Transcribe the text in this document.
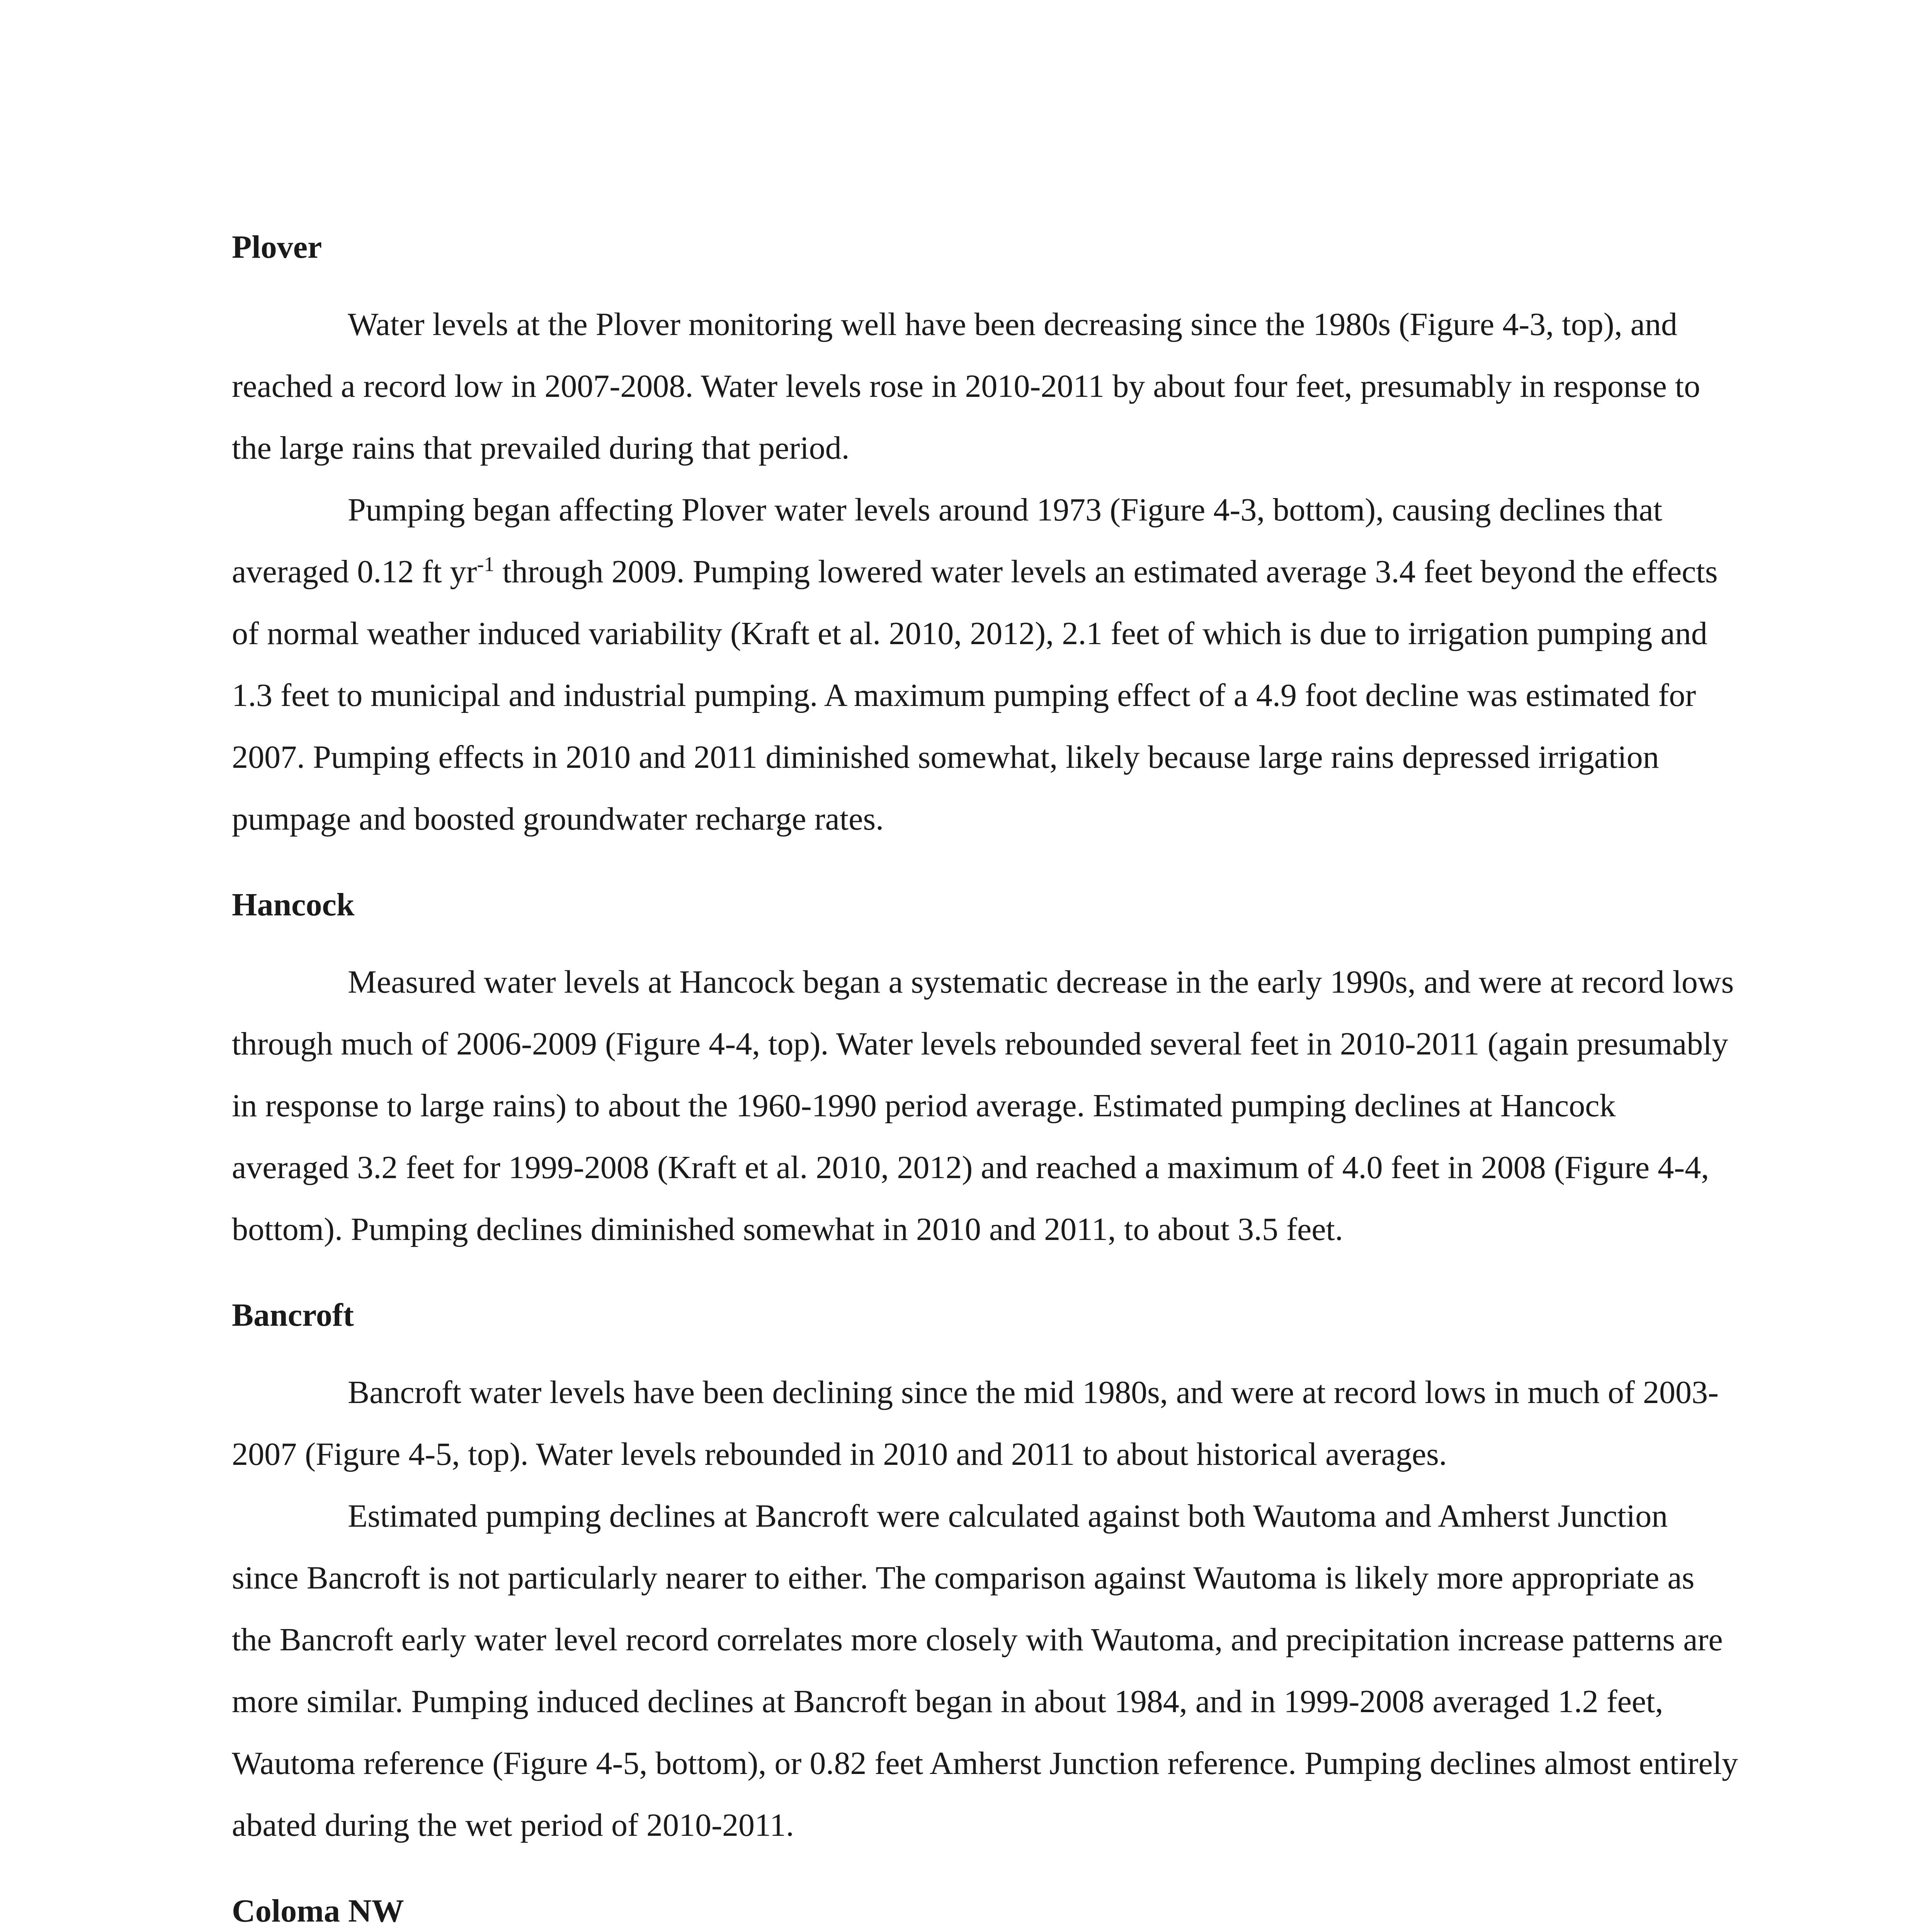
Plover

Water levels at the Plover monitoring well have been decreasing since the 1980s (Figure 4-3, top), and reached a record low in 2007-2008. Water levels rose in 2010-2011 by about four feet, presumably in response to the large rains that prevailed during that period.

Pumping began affecting Plover water levels around 1973 (Figure 4-3, bottom), causing declines that averaged 0.12 ft $yr^{-1}$ through 2009. Pumping lowered water levels an estimated average 3.4 feet beyond the effects of normal weather induced variability (Kraft et al. 2010, 2012), 2.1 feet of which is due to irrigation pumping and 1.3 feet to municipal and industrial pumping. A maximum pumping effect of a 4.9 foot decline was estimated for 2007. Pumping effects in 2010 and 2011 diminished somewhat, likely because large rains depressed irrigation pumpage and boosted groundwater recharge rates.

Hancock

Measured water levels at Hancock began a systematic decrease in the early 1990s, and were at record lows through much of 2006-2009 (Figure 4-4, top). Water levels rebounded several feet in 2010-2011 (again presumably in response to large rains) to about the 1960-1990 period average. Estimated pumping declines at Hancock averaged 3.2 feet for 1999-2008 (Kraft et al. 2010, 2012) and reached a maximum of 4.0 feet in 2008 (Figure 4-4, bottom). Pumping declines diminished somewhat in 2010 and 2011, to about 3.5 feet.

Bancroft

Bancroft water levels have been declining since the mid 1980s, and were at record lows in much of 2003-2007 (Figure 4-5, top). Water levels rebounded in 2010 and 2011 to about historical averages.

Estimated pumping declines at Bancroft were calculated against both Wautoma and Amherst Junction since Bancroft is not particularly nearer to either. The comparison against Wautoma is likely more appropriate as the Bancroft early water level record correlates more closely with Wautoma, and precipitation increase patterns are more similar. Pumping induced declines at Bancroft began in about 1984, and in 1999-2008 averaged 1.2 feet, Wautoma reference (Figure 4-5, bottom), or 0.82 feet Amherst Junction reference. Pumping declines almost entirely abated during the wet period of 2010-2011.

Coloma NW
